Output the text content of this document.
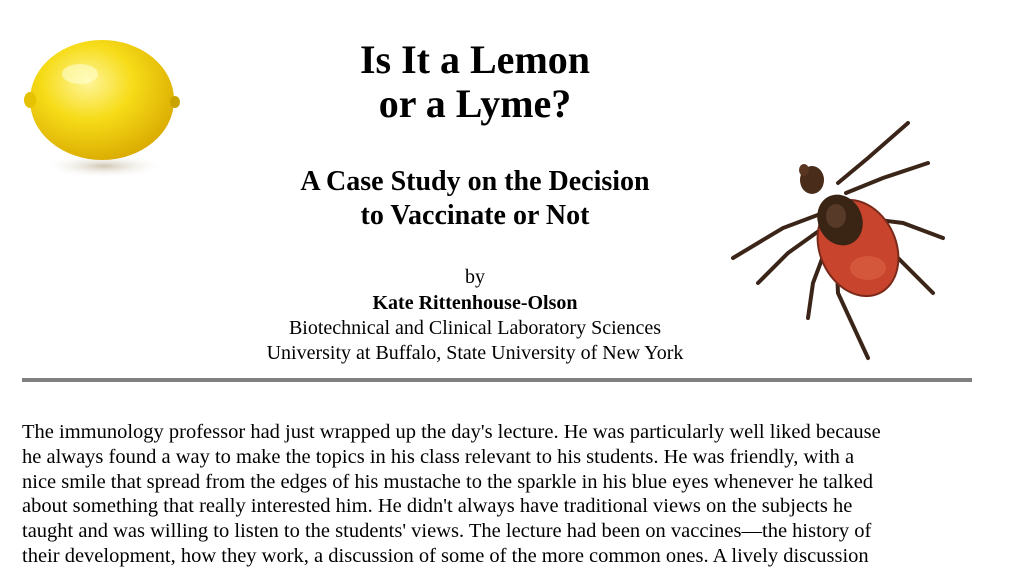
Is It a Lemon
or a Lyme?
A Case Study on the Decision
to Vaccinate or Not
by
Kate Rittenhouse-Olson
Biotechnical and Clinical Laboratory Sciences
University at Buffalo, State University of New York

The immunology professor had just wrapped up the day's lecture. He was particularly well liked because
he always found a way to make the topics in his class relevant to his students. He was friendly, with a
nice smile that spread from the edges of his mustache to the sparkle in his blue eyes whenever he talked
about something that really interested him. He didn't always have traditional views on the subjects he
taught and was willing to listen to the students' views. The lecture had been on vaccines—the history of
their development, how they work, a discussion of some of the more common ones. A lively discussion
